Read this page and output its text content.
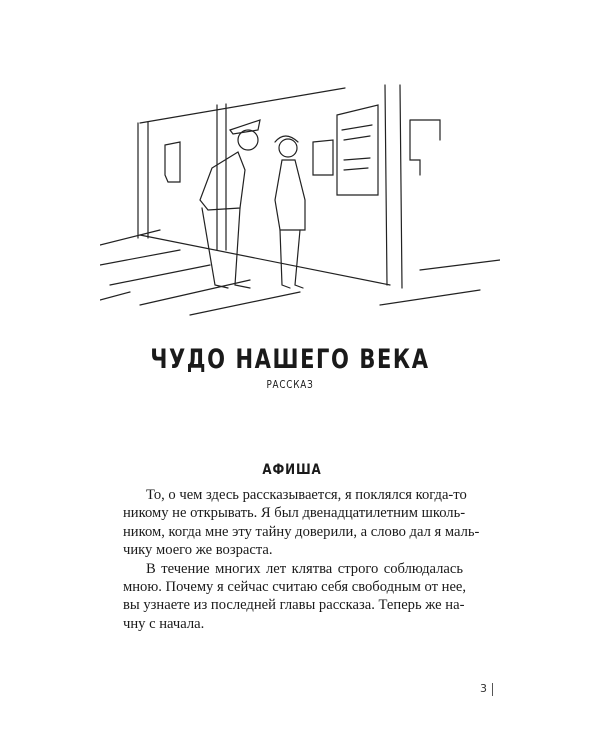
ЧУДО НАШЕГО ВЕКА
РАССКАЗ
АФИША
То, о чем здесь рассказывается, я поклялся когда-то
никому не открывать. Я был двенадцатилетним школь-
ником, когда мне эту тайну доверили, а слово дал я маль-
чику моего же возраста.
В течение многих лет клятва строго соблюдалась
мною. Почему я сейчас считаю себя свободным от нее,
вы узнаете из последней главы рассказа. Теперь же на-
чну с начала.
3
